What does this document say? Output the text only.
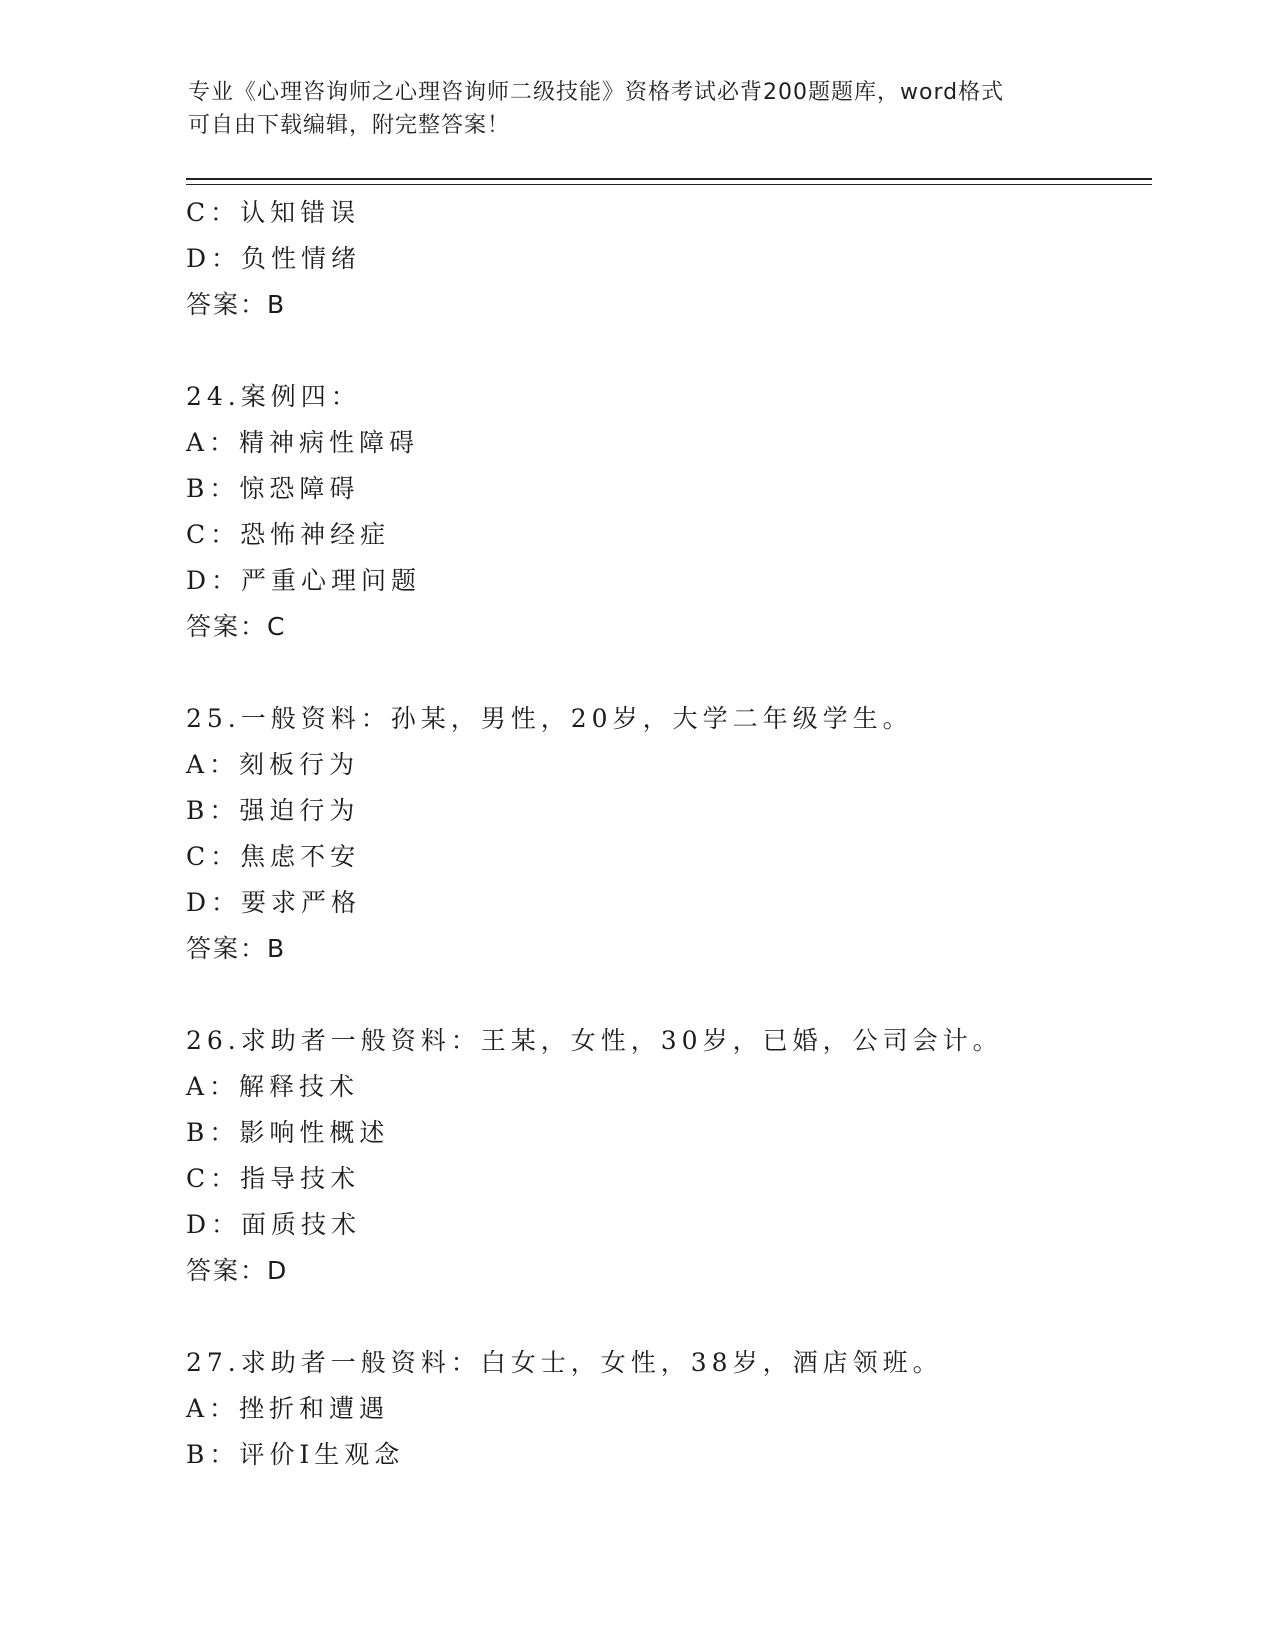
专业《心理咨询师之心理咨询师二级技能》资格考试必背200题题库，word格式
可自由下载编辑，附完整答案！
C：认知错误
D：负性情绪
答案：B
24.案例四：
A：精神病性障碍
B：惊恐障碍
C：恐怖神经症
D：严重心理问题
答案：C
25.一般资料：孙某，男性，20岁，大学二年级学生。
A：刻板行为
B：强迫行为
C：焦虑不安
D：要求严格
答案：B
26.求助者一般资料：王某，女性，30岁，已婚，公司会计。
A：解释技术
B：影响性概述
C：指导技术
D：面质技术
答案：D
27.求助者一般资料：白女士，女性，38岁，酒店领班。
A：挫折和遭遇
B：评价I生观念
